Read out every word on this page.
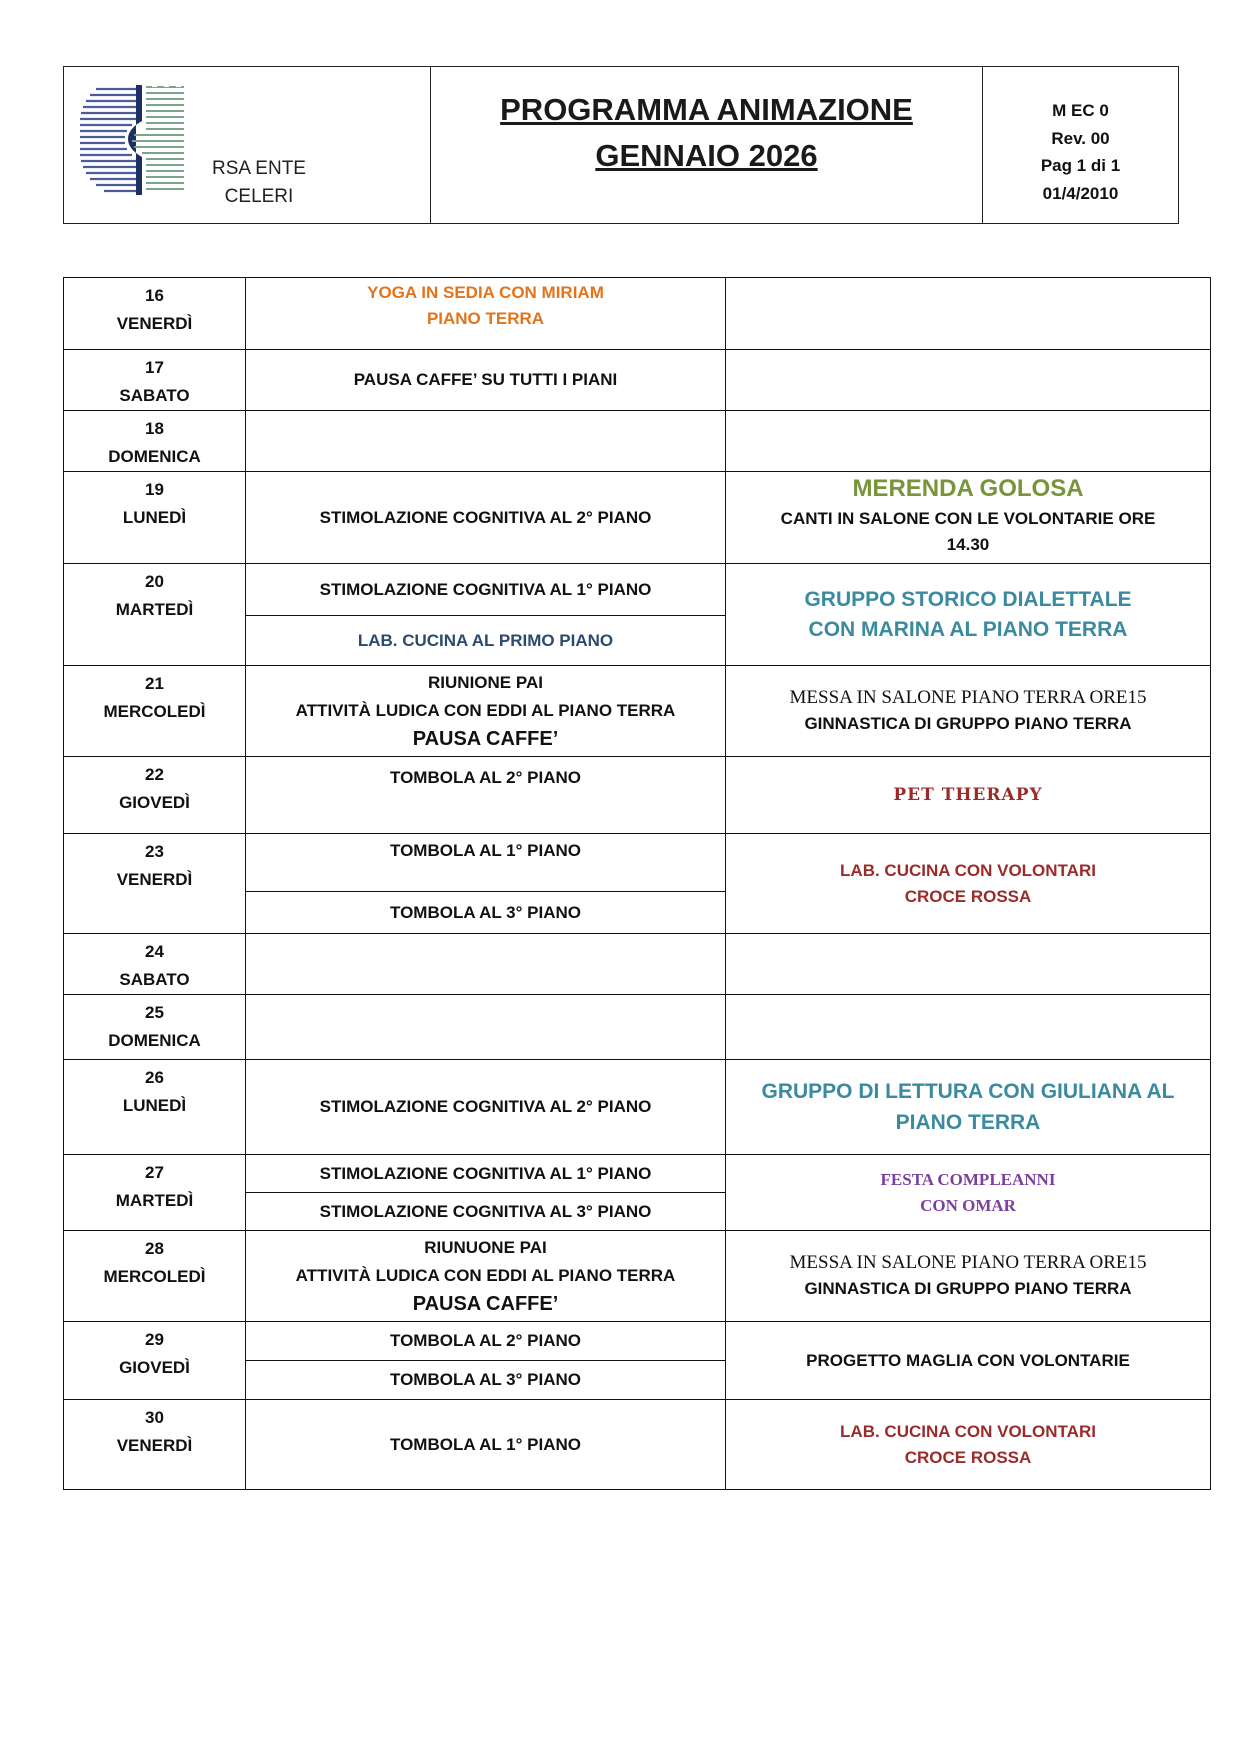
RSA ENTE
CELERI
PROGRAMMA ANIMAZIONE
GENNAIO 2026
M EC 0
Rev. 00
Pag 1 di 1
01/4/2010
16
VENERDÌ	YOGA IN SEDIA CON MIRIAM
PIANO TERRA	

17
SABATO	PAUSA CAFFE’ SU TUTTI I PIANI	

18
DOMENICA		

19
LUNEDÌ	STIMOLAZIONE COGNITIVA AL 2° PIANO	MERENDA GOLOSA
CANTI IN SALONE CON LE VOLONTARIE ORE
14.30

20
MARTEDÌ	STIMOLAZIONE COGNITIVA AL 1° PIANO	GRUPPO STORICO DIALETTALE
CON MARINA AL PIANO TERRA

	LAB. CUCINA AL PRIMO PIANO	

21
MERCOLEDÌ	RIUNIONE PAI
ATTIVITÀ LUDICA CON EDDI AL PIANO TERRA
PAUSA CAFFE’	MESSA IN SALONE PIANO TERRA ORE15
GINNASTICA DI GRUPPO PIANO TERRA

22
GIOVEDÌ	TOMBOLA AL 2° PIANO	PET THERAPY

23
VENERDÌ	TOMBOLA AL 1° PIANO	LAB. CUCINA CON VOLONTARI
CROCE ROSSA

	TOMBOLA AL 3° PIANO	

24
SABATO		

25
DOMENICA		

26
LUNEDÌ	STIMOLAZIONE COGNITIVA AL 2° PIANO	GRUPPO DI LETTURA CON GIULIANA AL
PIANO TERRA

27
MARTEDÌ	STIMOLAZIONE COGNITIVA AL 1° PIANO	FESTA COMPLEANNI
CON OMAR

	STIMOLAZIONE COGNITIVA AL 3° PIANO	

28
MERCOLEDÌ	RIUNUONE PAI
ATTIVITÀ LUDICA CON EDDI AL PIANO TERRA
PAUSA CAFFE’	MESSA IN SALONE PIANO TERRA ORE15
GINNASTICA DI GRUPPO PIANO TERRA

29
GIOVEDÌ	TOMBOLA AL 2° PIANO	PROGETTO MAGLIA CON VOLONTARIE
	TOMBOLA AL 3° PIANO	

30
VENERDÌ	TOMBOLA AL 1° PIANO	LAB. CUCINA CON VOLONTARI
CROCE ROSSA
